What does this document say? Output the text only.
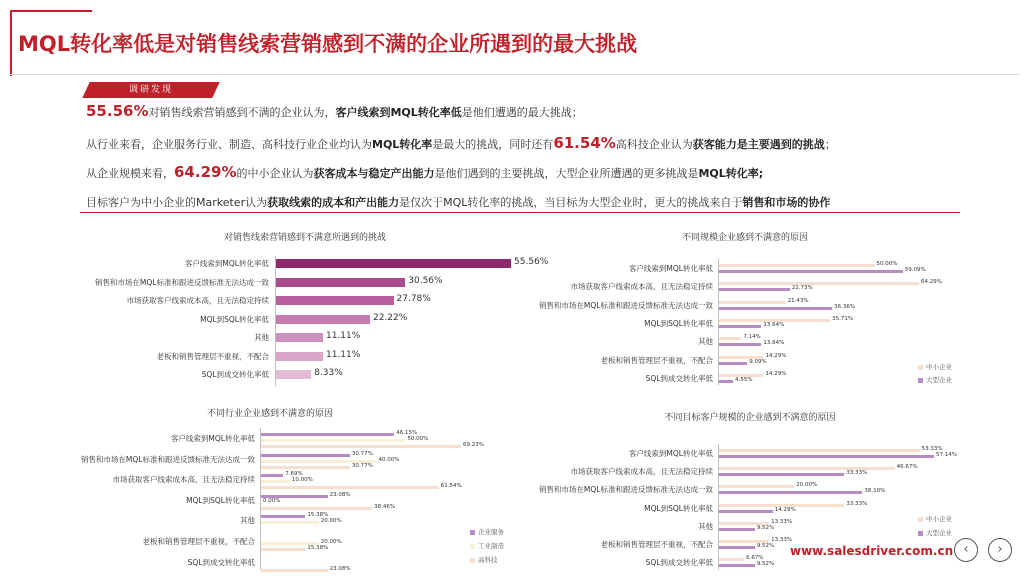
MQL转化率低是对销售线索营销感到不满的企业所遇到的最大挑战
调研发现
55.56%对销售线索营销感到不满的企业认为，客户线索到MQL转化率低是他们遭遇的最大挑战；
从行业来看，企业服务行业、制造、高科技行业企业均认为MQL转化率是最大的挑战，同时还有61.54%高科技企业认为获客能力是主要遇到的挑战；
从企业规模来看，64.29%的中小企业认为获客成本与稳定产出能力是他们遇到的主要挑战，大型企业所遭遇的更多挑战是MQL转化率;
目标客户为中小企业的Marketer认为获取线索的成本和产出能力是仅次于MQL转化率的挑战，当目标为大型企业时，更大的挑战来自于销售和市场的协作
对销售线索营销感到不满意所遇到的挑战
客户线索到MQL转化率低	55.56%
销售和市场在MQL标准和跟进反馈标准无法达成一致	30.56%
市场获取客户线索成本高，且无法稳定持续	27.78%
MQL到SQL转化率低	22.22%
其他	11.11%
老板和销售管理层不重视，不配合	11.11%
SQL到成交转化率低	8.33%
不同规模企业感到不满意的原因
客户线索到MQL转化率低	50.00%
59.09%
市场获取客户线索成本高，且无法稳定持续	64.29%
22.73%
销售和市场在MQL标准和跟进反馈标准无法达成一致	21.43%
36.36%
MQL到SQL转化率低	35.71%
13.64%
其他	7.14%
13.64%
老板和销售管理层不重视，不配合	14.29%
9.09%
SQL到成交转化率低	14.29%
4.55%
中小企业
大型企业
不同行业企业感到不满意的原因
客户线索到MQL转化率低
46.15%
50.00%
69.23%
销售和市场在MQL标准和跟进反馈标准无法达成一致
30.77%
40.00%
30.77%
市场获取客户线索成本高，且无法稳定持续
7.69%
10.00%
61.54%
MQL到SQL转化率低
23.08%
0.00%
38.46%
其他
15.38%
20.00%
老板和销售管理层不重视，不配合	20.00%
15.38%
SQL到成交转化率低
23.08%
企业服务
工业制造
高科技
不同目标客户规模的企业感到不满意的原因
客户线索到MQL转化率低	53.33%
57.14%
市场获取客户线索成本高，且无法稳定持续	46.67%
33.33%
销售和市场在MQL标准和跟进反馈标准无法达成一致	20.00%
38.10%
MQL到SQL转化率低	33.33%
14.29%
其他	13.33%
9.52%
老板和销售管理层不重视，不配合	13.33%
9.52%
SQL到成交转化率低	6.67%
9.52%
中小企业
大型企业
www.salesdriver.com.cn ‹	›
